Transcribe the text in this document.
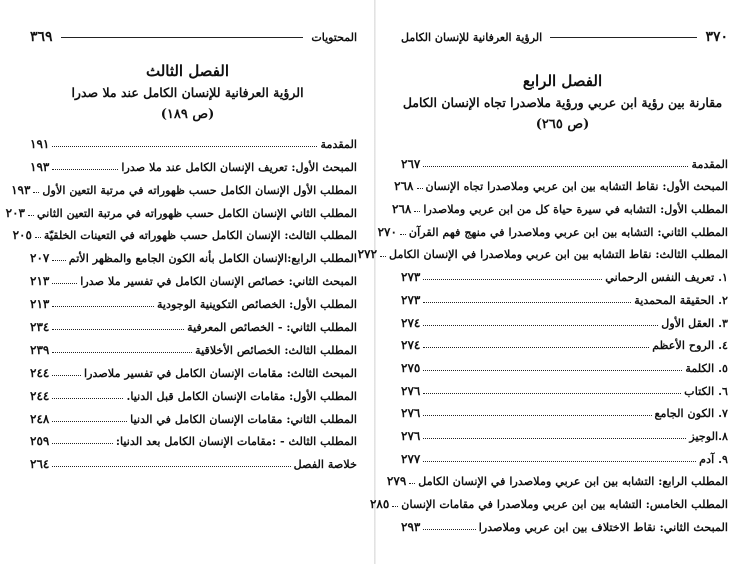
المحتويات
٣٦٩
الفصل الثالث
الرؤية العرفانية للإنسان الكامل عند ملا صدرا
(ص ١٨٩)
المقدمة
١٩١
المبحث الأول: تعريف الإنسان الكامل عند ملا صدرا
١٩٣
المطلب الأول الإنسان الكامل حسب ظهوراته في مرتبة التعين الأول
١٩٣
المطلب الثاني الإنسان الكامل حسب ظهوراته في مرتبة التعين الثاني
٢٠٣
المطلب الثالث: الإنسان الكامل حسب ظهوراته في التعينات الخلقيّة
٢٠٥
المطلب الرابع:الإنسان الكامل بأنه الكون الجامع والمظهر الأتم
٢٠٧
المبحث الثاني: خصائص الإنسان الكامل في تفسير ملا صدرا
٢١٣
المطلب الأول: الخصائص التكوينية الوجودية
٢١٣
المطلب الثاني: - الخصائص المعرفية
٢٣٤
المطلب الثالث: الخصائص الأخلاقية
٢٣٩
المبحث الثالث: مقامات الإنسان الكامل في تفسير ملاصدرا
٢٤٤
المطلب الأول: مقامات الإنسان الكامل قبل الدنيا.
٢٤٤
المطلب الثاني: مقامات الإنسان الكامل في الدنيا
٢٤٨
المطلب الثالث - :مقامات الإنسان الكامل بعد الدنيا:
٢٥٩
خلاصة الفصل
٢٦٤
٣٧٠
الرؤية العرفانية للإنسان الكامل
الفصل الرابع
مقارنة بين رؤية ابن عربي ورؤية ملاصدرا تجاه الإنسان الكامل
(ص ٢٦٥)
المقدمة
٢٦٧
المبحث الأول: نقاط التشابه بين ابن عربي وملاصدرا تجاه الإنسان
٢٦٨
المطلب الأول: التشابه في سيرة حياة كل من ابن عربي وملاصدرا
٢٦٨
المطلب الثاني: التشابه بين ابن عربي وملاصدرا في منهج فهم القرآن
٢٧٠
المطلب الثالث: نقاط التشابه بين ابن عربي وملاصدرا في الإنسان الكامل
٢٧٢
١. تعريف النفس الرحماني
٢٧٣
٢. الحقيقة المحمدية
٢٧٣
٣. العقل الأول
٢٧٤
٤. الروح الأعظم
٢٧٤
٥. الكلمة
٢٧٥
٦. الكتاب
٢٧٦
٧. الكون الجامع
٢٧٦
٨.الوجيز
٢٧٦
٩. آدم
٢٧٧
المطلب الرابع: التشابه بين ابن عربي وملاصدرا في الإنسان الكامل
٢٧٩
المطلب الخامس: التشابه بين ابن عربي وملاصدرا في مقامات الإنسان
٢٨٥
المبحث الثاني: نقاط الاختلاف بين ابن عربي وملاصدرا
٢٩٣
